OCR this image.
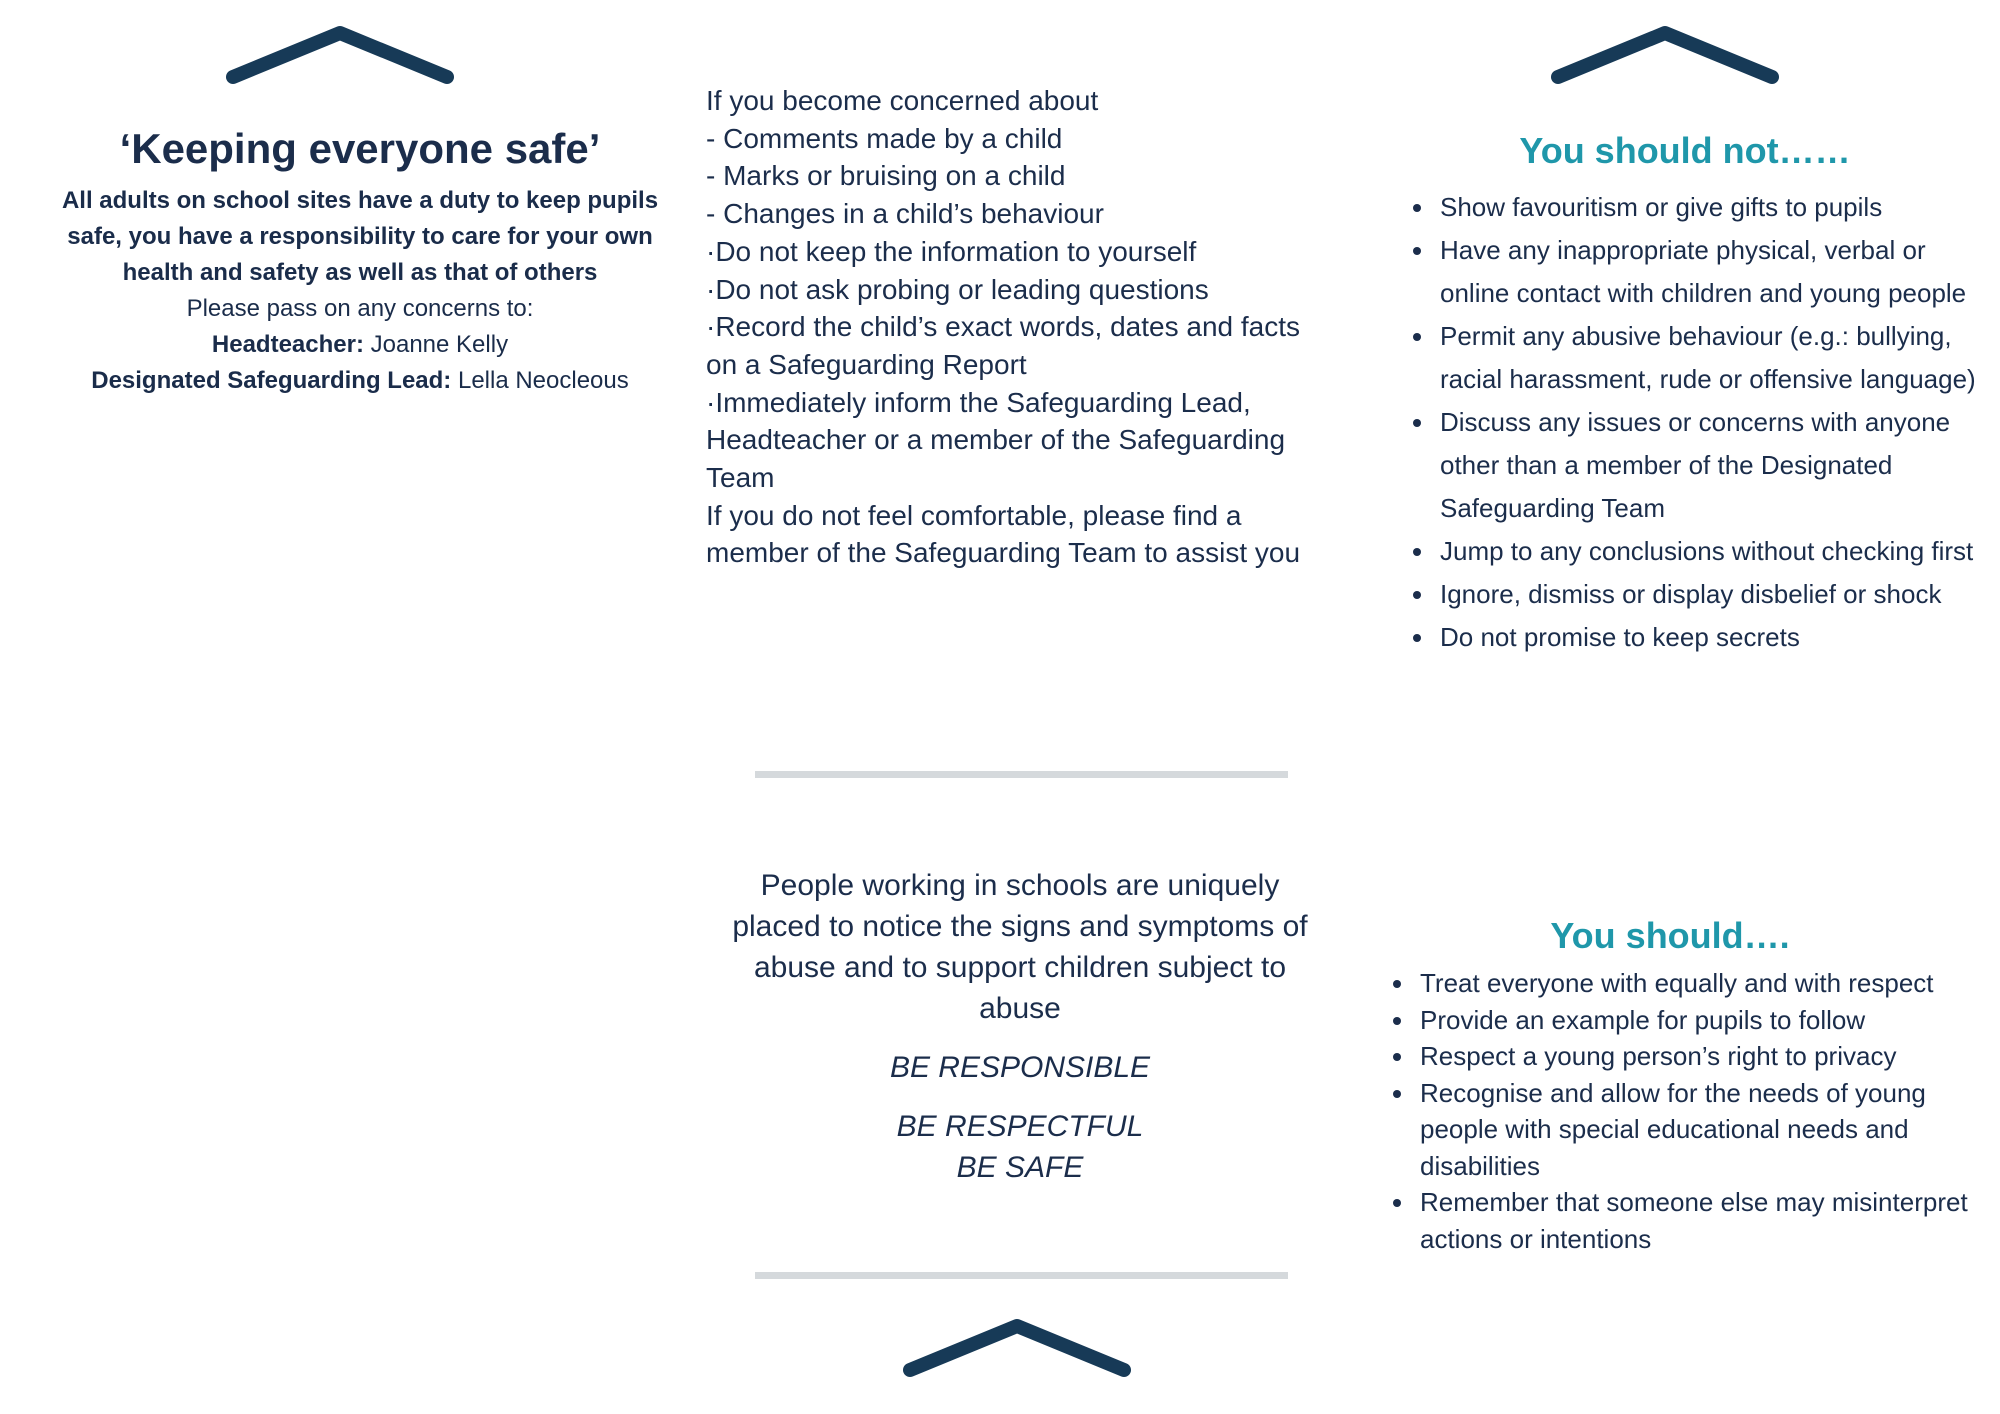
‘Keeping everyone safe’

All adults on school sites have a duty to keep pupils safe, you have a responsibility to care for your own health and safety as well as that of others

Please pass on any concerns to:

Headteacher: Joanne Kelly

Designated Safeguarding Lead: Lella Neocleous

If you become concerned about
- Comments made by a child
- Marks or bruising on a child
- Changes in a child’s behaviour
·Do not keep the information to yourself
·Do not ask probing or leading questions
·Record the child’s exact words, dates and facts
on a Safeguarding Report
·Immediately inform the Safeguarding Lead,
Headteacher or a member of the Safeguarding
Team
If you do not feel comfortable, please find a
member of the Safeguarding Team to assist you

People working in schools are uniquely placed to notice the signs and symptoms of abuse and to support children subject to abuse

BE RESPONSIBLE

BE RESPECTFUL

BE SAFE

You should not……
• Show favouritism or give gifts to pupils
• Have any inappropriate physical, verbal or online contact with children and young people
• Permit any abusive behaviour (e.g.: bullying, racial harassment, rude or offensive language)
• Discuss any issues or concerns with anyone other than a member of the Designated Safeguarding Team
• Jump to any conclusions without checking first
• Ignore, dismiss or display disbelief or shock
• Do not promise to keep secrets
You should….
• Treat everyone with equally and with respect
• Provide an example for pupils to follow
• Respect a young person’s right to privacy
• Recognise and allow for the needs of young people with special educational needs and disabilities
• Remember that someone else may misinterpret actions or intentions
